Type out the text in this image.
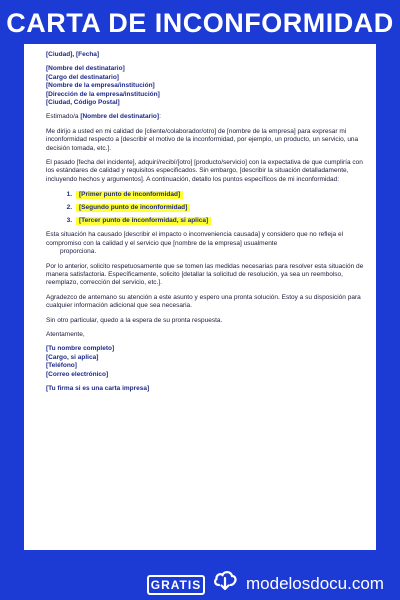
CARTA DE INCONFORMIDAD

[Ciudad], [Fecha]

[Nombre del destinatario]
[Cargo del destinatario]
[Nombre de la empresa/institución]
[Dirección de la empresa/institución]
[Ciudad, Código Postal]

Estimado/a [Nombre del destinatario]:

Me dirijo a usted en mi calidad de [cliente/colaborador/otro] de [nombre de la empresa] para expresar mi inconformidad respecto a [describir el motivo de la inconformidad, por ejemplo, un producto, un servicio, una decisión tomada, etc.].

El pasado [fecha del incidente], adquirí/recibí/[otro] [producto/servicio] con la expectativa de que cumpliría con los estándares de calidad y requisitos especificados. Sin embargo, [describir la situación detalladamente, incluyendo hechos y argumentos]. A continuación, detallo los puntos específicos de mi inconformidad:

1.	[Primer punto de inconformidad]
2.	[Segundo punto de inconformidad]
3.	[Tercer punto de inconformidad, si aplica]

Esta situación ha causado [describir el impacto o inconveniencia causada] y considero que no refleja el compromiso con la calidad y el servicio que [nombre de la empresa] usualmente
proporciona.

Por lo anterior, solicito respetuosamente que se tomen las medidas necesarias para resolver esta situación de manera satisfactoria. Específicamente, solicito [detallar la solicitud de resolución, ya sea un reembolso, reemplazo, corrección del servicio, etc.].

Agradezco de antemano su atención a este asunto y espero una pronta solución. Estoy a su disposición para cualquier información adicional que sea necesaria.

Sin otro particular, quedo a la espera de su pronta respuesta.

Atentamente,

[Tu nombre completo]
[Cargo, si aplica]
[Teléfono]
[Correo electrónico]

[Tu firma si es una carta impresa]

GRATIS	modelosdocu.com
